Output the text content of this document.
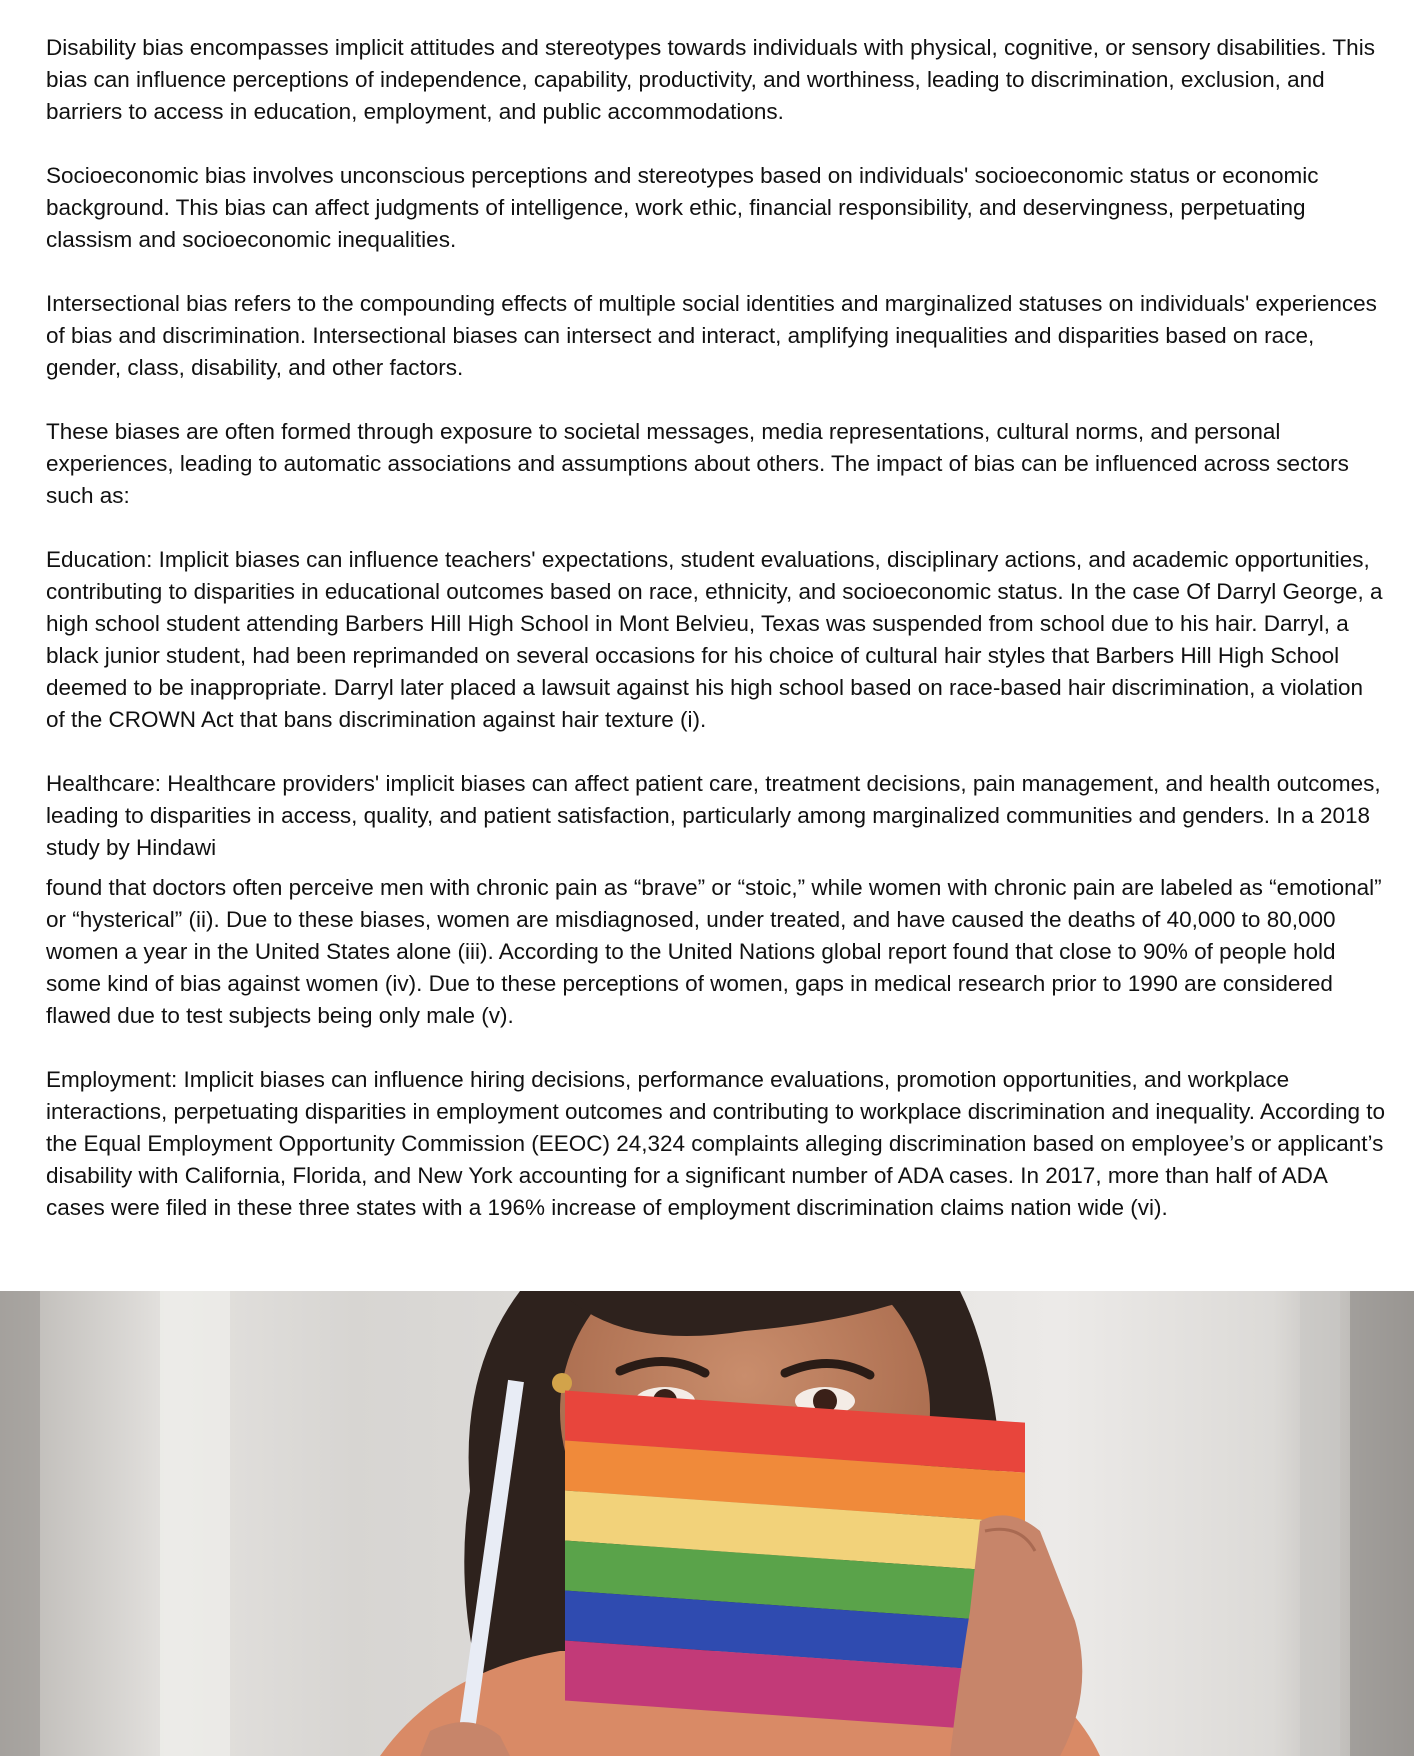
Disability bias encompasses implicit attitudes and stereotypes towards individuals with physical, cognitive, or sensory disabilities. This bias can influence perceptions of independence, capability, productivity, and worthiness, leading to discrimination, exclusion, and barriers to access in education, employment, and public accommodations.

Socioeconomic bias involves unconscious perceptions and stereotypes based on individuals' socioeconomic status or economic background. This bias can affect judgments of intelligence, work ethic, financial responsibility, and deservingness, perpetuating classism and socioeconomic inequalities.

Intersectional bias refers to the compounding effects of multiple social identities and marginalized statuses on individuals' experiences of bias and discrimination. Intersectional biases can intersect and interact, amplifying inequalities and disparities based on race, gender, class, disability, and other factors.

These biases are often formed through exposure to societal messages, media representations, cultural norms, and personal experiences, leading to automatic associations and assumptions about others. The impact of bias can be influenced across sectors such as:

Education: Implicit biases can influence teachers' expectations, student evaluations, disciplinary actions, and academic opportunities, contributing to disparities in educational outcomes based on race, ethnicity, and socioeconomic status. In the case Of Darryl George, a high school student attending Barbers Hill High School in Mont Belvieu, Texas was suspended from school due to his hair. Darryl, a black junior student, had been reprimanded on several occasions for his choice of cultural hair styles that Barbers Hill High School deemed to be inappropriate. Darryl later placed a lawsuit against his high school based on race-based hair discrimination, a violation of the CROWN Act that bans discrimination against hair texture (i).

Healthcare: Healthcare providers' implicit biases can affect patient care, treatment decisions, pain management, and health outcomes, leading to disparities in access, quality, and patient satisfaction, particularly among marginalized communities and genders. In a 2018 study by Hindawi

found that doctors often perceive men with chronic pain as “brave” or “stoic,” while women with chronic pain are labeled as “emotional” or “hysterical” (ii). Due to these biases, women are misdiagnosed, under treated, and have caused the deaths of 40,000 to 80,000 women a year in the United States alone (iii). According to the United Nations global report found that close to 90% of people hold some kind of bias against women (iv). Due to these perceptions of women, gaps in medical research prior to 1990 are considered flawed due to test subjects being only male (v).

Employment: Implicit biases can influence hiring decisions, performance evaluations, promotion opportunities, and workplace interactions, perpetuating disparities in employment outcomes and contributing to workplace discrimination and inequality. According to the Equal Employment Opportunity Commission (EEOC) 24,324 complaints alleging discrimination based on employee’s or applicant’s disability with California, Florida, and New York accounting for a significant number of ADA cases. In 2017, more than half of ADA cases were filed in these three states with a 196% increase of employment discrimination claims nation wide (vi).
